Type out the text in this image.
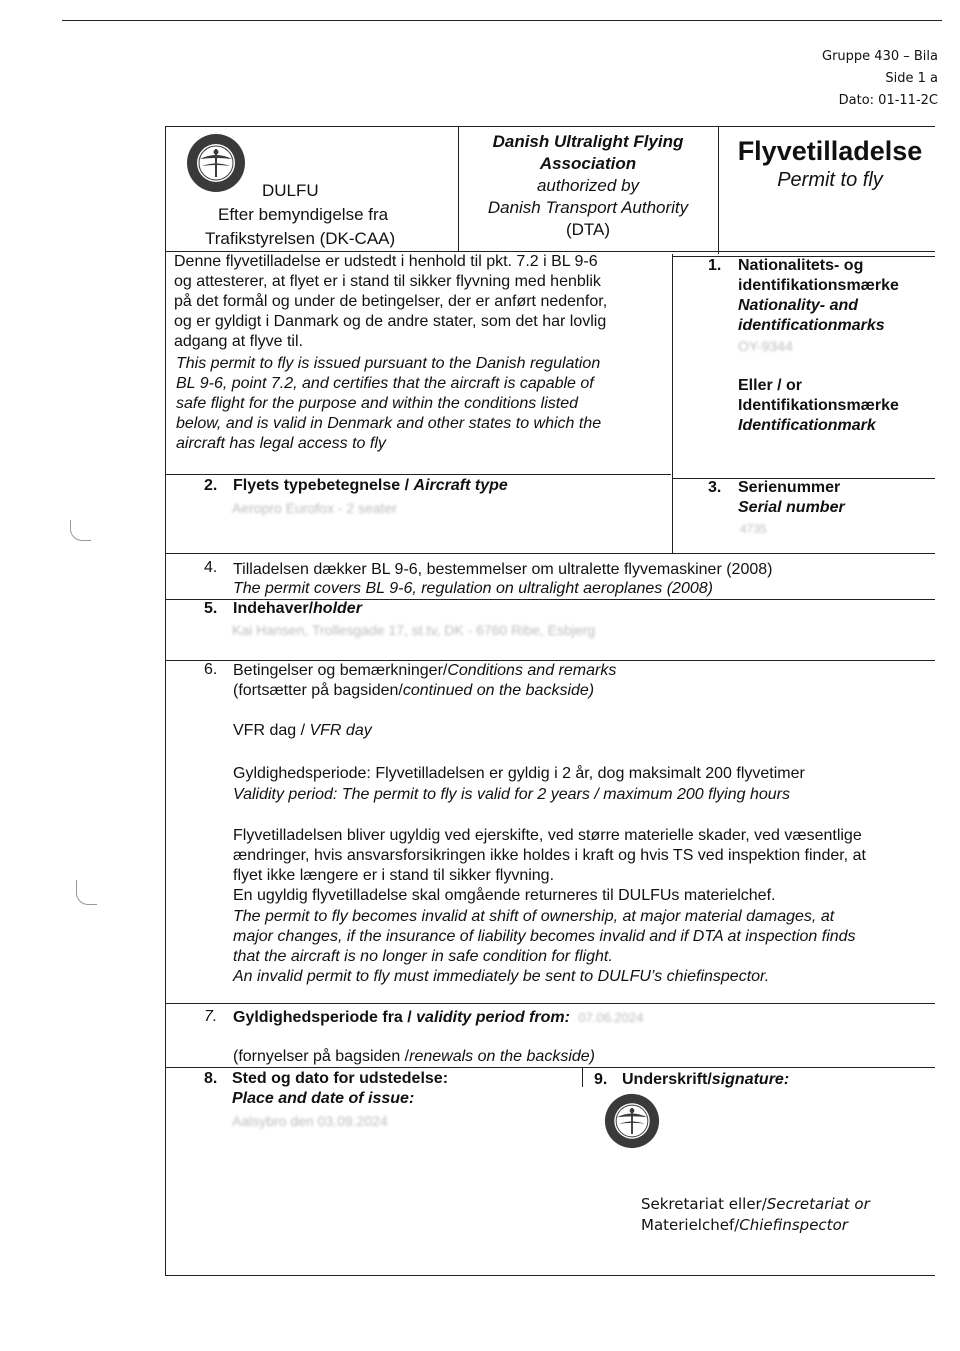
Gruppe 430 – Bila
Side 1 a
Dato: 01-11-2C
DULFU
Efter bemyndigelse fra
Trafikstyrelsen (DK-CAA)
Danish Ultralight Flying
Association
authorized by
Danish Transport Authority
(DTA)
Flyvetilladelse
Permit to fly
Denne flyvetilladelse er udstedt i henhold til pkt. 7.2 i BL 9-6
og attesterer, at flyet er i stand til sikker flyvning med henblik
på det formål og under de betingelser, der er anført nedenfor,
og er gyldigt i Danmark og de andre stater, som det har lovlig
adgang at flyve til.
This permit to fly is issued pursuant to the Danish regulation
BL 9-6, point 7.2, and certifies that the aircraft is capable of
safe flight for the purpose and within the conditions listed
below, and is valid in Denmark and other states to which the
aircraft has legal access to fly
1. Nationalitets- og
identifikationsmærke
Nationality- and
identificationmarks
OY-9344
Eller / or
Identifikationsmærke
Identificationmark
2. Flyets typebetegnelse / Aircraft type
Aeropro Eurofox - 2 seater
3. Serienummer
Serial number
4735
4. Tilladelsen dækker BL 9-6, bestemmelser om ultralette flyvemaskiner (2008)
The permit covers BL 9-6, regulation on ultralight aeroplanes (2008)
5. Indehaver/holder
Kai Hansen, Trollesgade 17, st.tv, DK - 6760 Ribe, Esbjerg
6. Betingelser og bemærkninger/Conditions and remarks
(fortsætter på bagsiden/continued on the backside)
VFR dag / VFR day
Gyldighedsperiode: Flyvetilladelsen er gyldig i 2 år, dog maksimalt 200 flyvetimer
Validity period: The permit to fly is valid for 2 years / maximum 200 flying hours
Flyvetilladelsen bliver ugyldig ved ejerskifte, ved større materielle skader, ved væsentlige
ændringer, hvis ansvarsforsikringen ikke holdes i kraft og hvis TS ved inspektion finder, at
flyet ikke længere er i stand til sikker flyvning.
En ugyldig flyvetilladelse skal omgående returneres til DULFUs materielchef.
The permit to fly becomes invalid at shift of ownership, at major material damages, at
major changes, if the insurance of liability becomes invalid and if DTA at inspection finds
that the aircraft is no longer in safe condition for flight.
An invalid permit to fly must immediately be sent to DULFU’s chiefinspector.
7. Gyldighedsperiode fra / validity period from: 07.06.2024
(fornyelser på bagsiden /renewals on the backside)
8. Sted og dato for udstedelse:
Place and date of issue:
Aalsybro den 03.09.2024
9. Underskrift/signature:
Sekretariat eller/Secretariat or
Materielchef/Chiefinspector
